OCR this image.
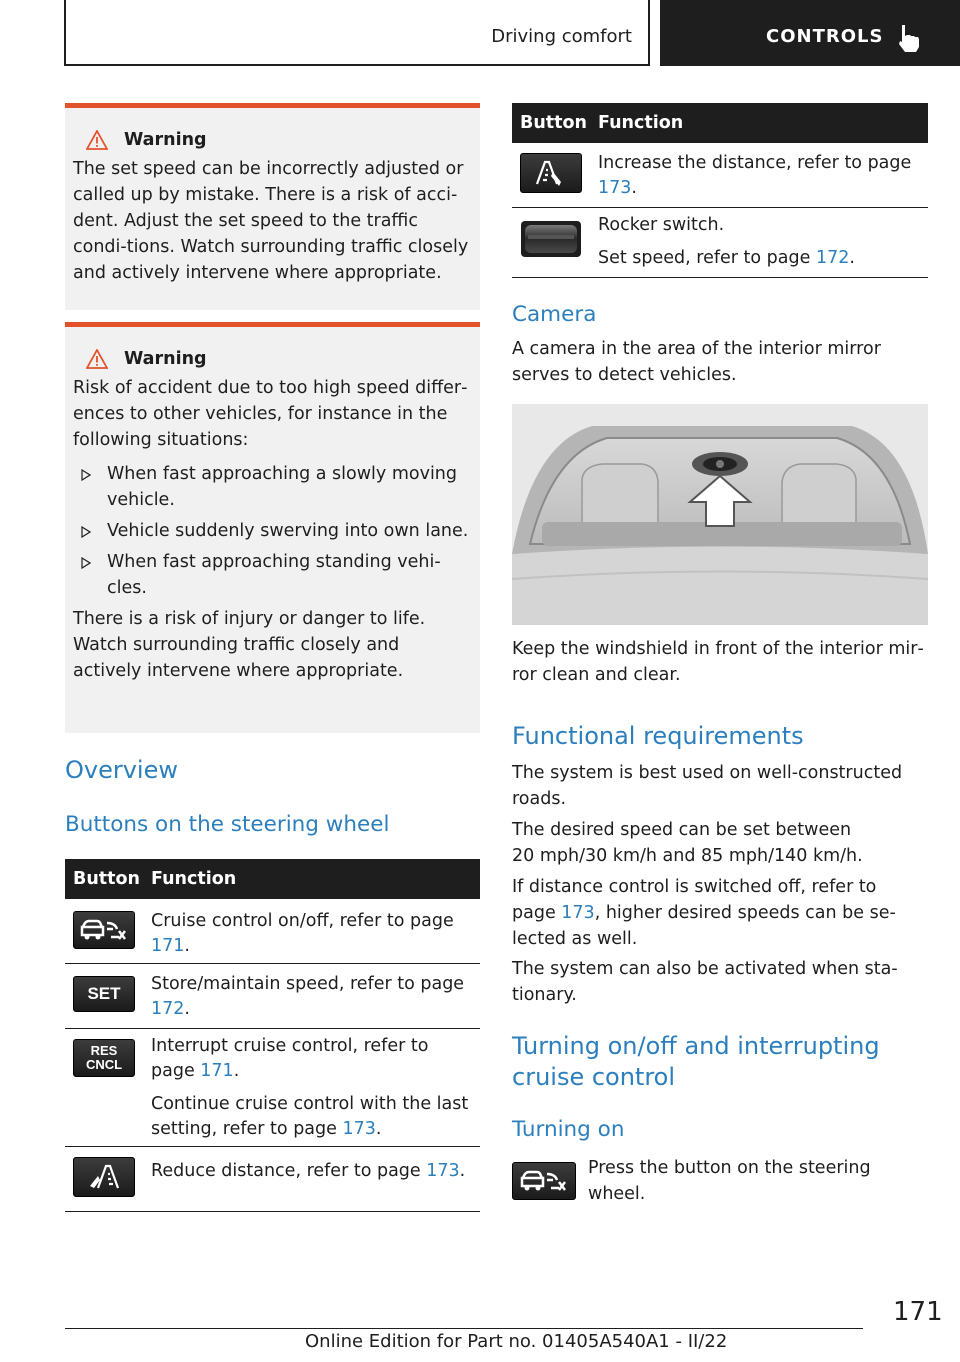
Driving comfort	CONTROLS
Warning

The set speed can be incorrectly adjusted or called up by mistake. There is a risk of acci‐dent. Adjust the set speed to the traffic condi‐tions. Watch surrounding traffic closely and actively intervene where appropriate.

Warning

Risk of accident due to too high speed differ‐ences to other vehicles, for instance in the following situations:

When fast approaching a slowly moving vehicle.
Vehicle suddenly swerving into own lane.
When fast approaching standing vehi‐cles.

There is a risk of injury or danger to life. Watch surrounding traffic closely and actively intervene where appropriate.

Overview
Buttons on the steering wheel
Button Function
Cruise control on/off, refer to page 171.
SET	Store/maintain speed, refer to page 172.
RES
CNCL
Interrupt cruise control, refer to page 171.
Continue cruise control with the last setting, refer to page 173.
Reduce distance, refer to page 173.
Button Function
Increase the distance, refer to page 173.
Rocker switch.
Set speed, refer to page 172.
Camera
A camera in the area of the interior mirror serves to detect vehicles.
Keep the windshield in front of the interior mir‐ror clean and clear.
Functional requirements
The system is best used on well-constructed roads.
The desired speed can be set between
20 mph/30 km/h and 85 mph/140 km/h.
If distance control is switched off, refer to page 173, higher desired speeds can be se‐lected as well.
The system can also be activated when sta‐tionary.
Turning on/off and interrupting
cruise control
Turning on
Press the button on the steering wheel.
171
Online Edition for Part no. 01405A540A1 - II/22
